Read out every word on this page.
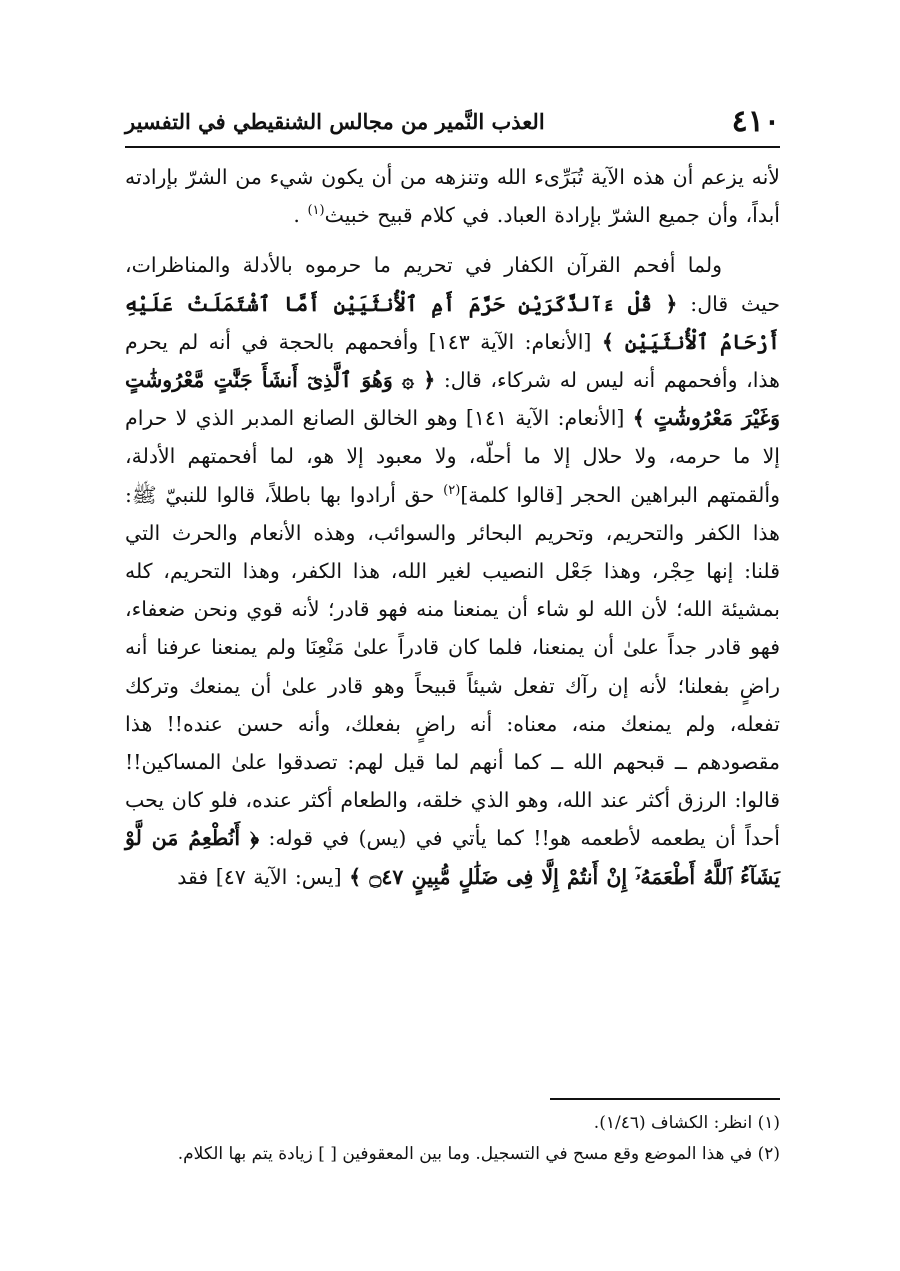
٤١٠
العذب النَّمير من مجالس الشنقيطي في التفسير

لأنه يزعم أن هذه الآية تُبَرِّىء الله وتنزهه من أن يكون شيء من الشرّ بإرادته أبداً، وأن جميع الشرّ بإرادة العباد. في كلام قبيح خبيث$^{(١)}$ .

ولما أفحم القرآن الكفار في تحريم ما حرموه بالأدلة والمناظرات، حيث قال: ﴿ قُلْ ءَآلذَّكَرَيْنِ حَرَّمَ أَمِ ٱلْأُنثَيَيْنِ أَمَّا ٱشْتَمَلَتْ عَلَيْهِ أَرْحَامُ ٱلْأُنثَيَيْنِ ﴾ [الأنعام: الآية ١٤٣] وأفحمهم بالحجة في أنه لم يحرم هذا، وأفحمهم أنه ليس له شركاء، قال: ﴿ ۞ وَهُوَ ٱلَّذِىٓ أَنشَأَ جَنَّٰتٍ مَّعْرُوشَٰتٍ وَغَيْرَ مَعْرُوشَٰتٍ ﴾ [الأنعام: الآية ١٤١] وهو الخالق الصانع المدبر الذي لا حرام إلا ما حرمه، ولا حلال إلا ما أحلّه، ولا معبود إلا هو، لما أفحمتهم الأدلة، وألقمتهم البراهين الحجر [قالوا كلمة]$^{(٢)}$ حق أرادوا بها باطلاً، قالوا للنبيّ ﷺ: هذا الكفر والتحريم، وتحريم البحائر والسوائب، وهذه الأنعام والحرث التي قلنا: إنها حِجْر، وهذا جَعْل النصيب لغير الله، هذا الكفر، وهذا التحريم، كله بمشيئة الله؛ لأن الله لو شاء أن يمنعنا منه فهو قادر؛ لأنه قوي ونحن ضعفاء، فهو قادر جداً علىٰ أن يمنعنا، فلما كان قادراً علىٰ مَنْعِنَا ولم يمنعنا عرفنا أنه راضٍ بفعلنا؛ لأنه إن رآك تفعل شيئاً قبيحاً وهو قادر علىٰ أن يمنعك وتركك تفعله، ولم يمنعك منه، معناه: أنه راضٍ بفعلك، وأنه حسن عنده!! هذا مقصودهم ــ قبحهم الله ــ كما أنهم لما قيل لهم: تصدقوا علىٰ المساكين!! قالوا: الرزق أكثر عند الله، وهو الذي خلقه، والطعام أكثر عنده، فلو كان يحب أحداً أن يطعمه لأطعمه هو!! كما يأتي في (يس) في قوله: ﴿ أَنُطْعِمُ مَن لَّوْ يَشَآءُ ٱللَّهُ أَطْعَمَهُۥٓ إِنْ أَنتُمْ إِلَّا فِى ضَلَٰلٍ مُّبِينٍ ۝٤٧ ﴾ [يس: الآية ٤٧] فقد

(١) انظر: الكشاف (١/٤٦).

(٢) في هذا الموضع وقع مسح في التسجيل. وما بين المعقوفين [ ] زيادة يتم بها الكلام.
